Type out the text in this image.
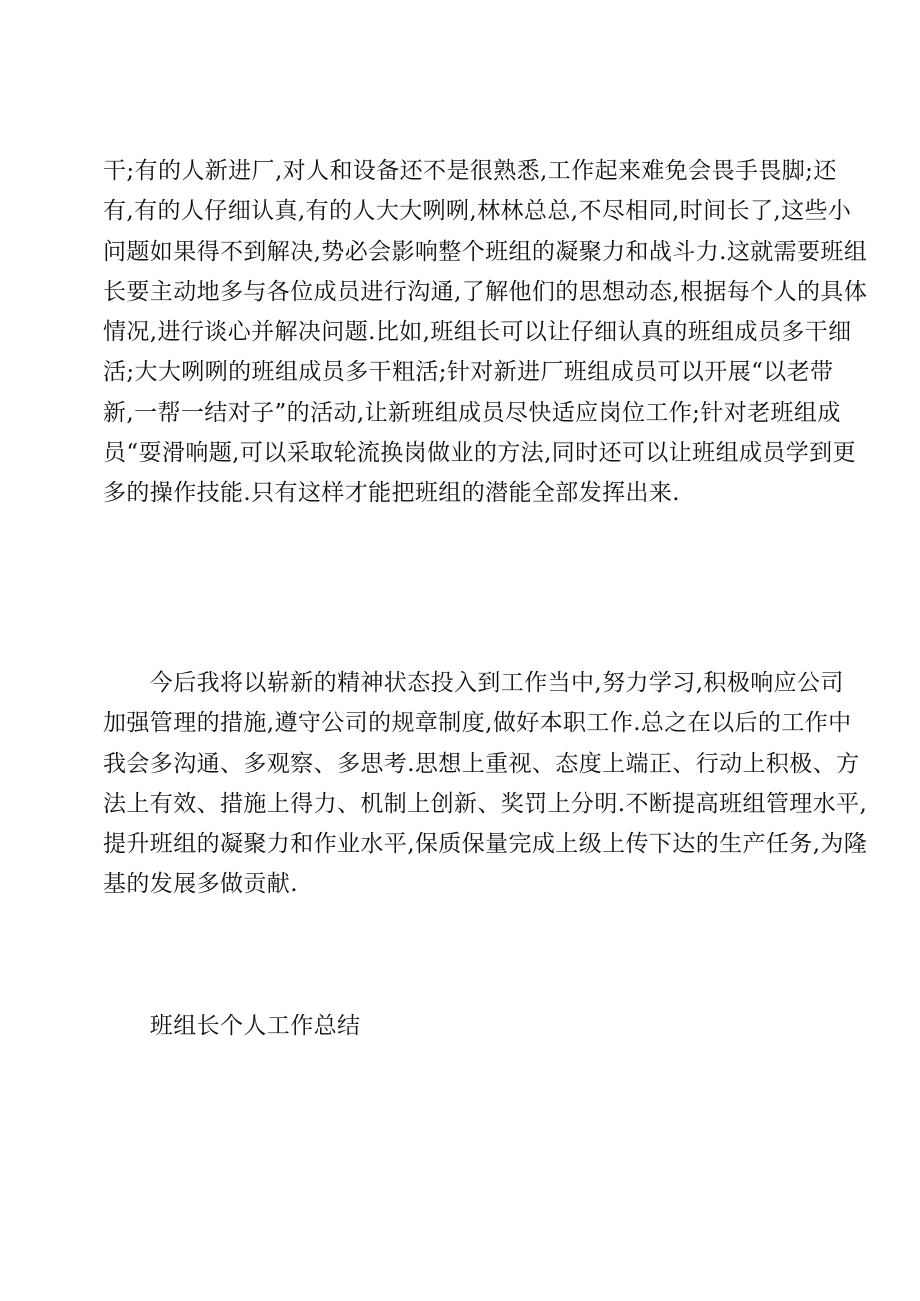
干;有的人新进厂,对人和设备还不是很熟悉,工作起来难免会畏手畏脚;还
有,有的人仔细认真,有的人大大咧咧,林林总总,不尽相同,时间长了,这些小
问题如果得不到解决,势必会影响整个班组的凝聚力和战斗力.这就需要班组
长要主动地多与各位成员进行沟通,了解他们的思想动态,根据每个人的具体
情况,进行谈心并解决问题.比如,班组长可以让仔细认真的班组成员多干细
活;大大咧咧的班组成员多干粗活;针对新进厂班组成员可以开展“以老带
新,一帮一结对子”的活动,让新班组成员尽快适应岗位工作;针对老班组成
员“耍滑响题,可以采取轮流换岗做业的方法,同时还可以让班组成员学到更
多的操作技能.只有这样才能把班组的潜能全部发挥出来.
　　今后我将以崭新的精神状态投入到工作当中,努力学习,积极响应公司
加强管理的措施,遵守公司的规章制度,做好本职工作.总之在以后的工作中
我会多沟通、多观察、多思考.思想上重视、态度上端正、行动上积极、方
法上有效、措施上得力、机制上创新、奖罚上分明.不断提高班组管理水平,
提升班组的凝聚力和作业水平,保质保量完成上级上传下达的生产任务,为隆
基的发展多做贡献.
　　班组长个人工作总结
